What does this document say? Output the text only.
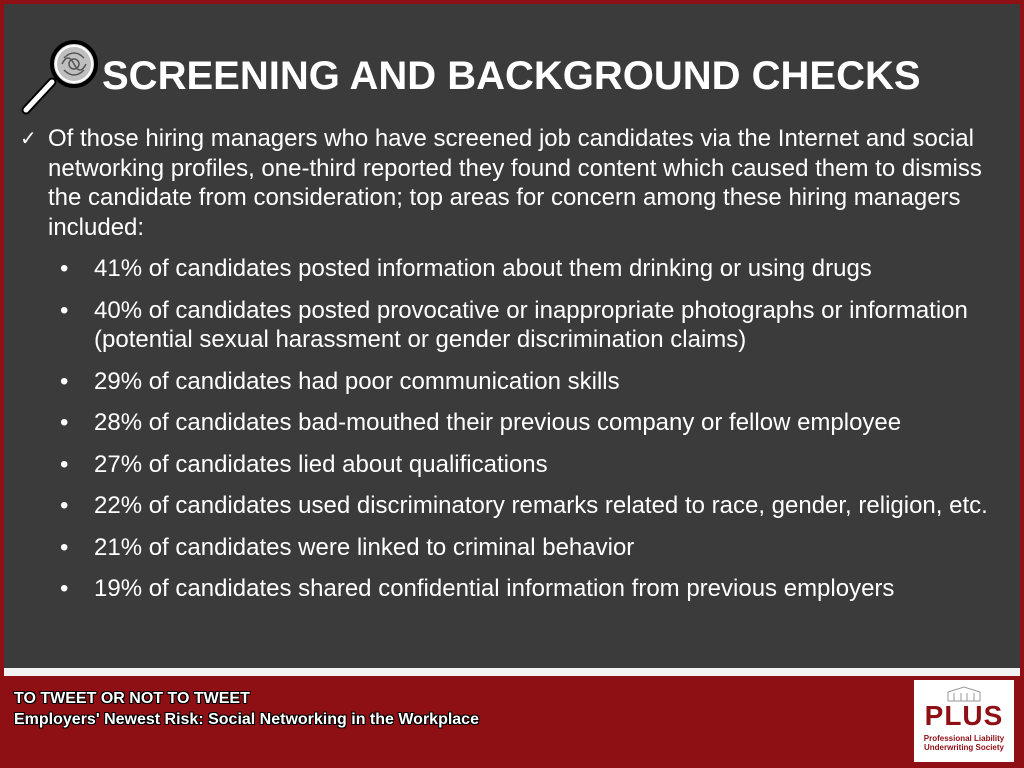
SCREENING AND BACKGROUND CHECKS
✓ Of those hiring managers who have screened job candidates via the Internet and social networking profiles, one-third reported they found content which caused them to dismiss the candidate from consideration; top areas for concern among these hiring managers included:
•	41% of candidates posted information about them drinking or using drugs
•	40% of candidates posted provocative or inappropriate photographs or information (potential sexual harassment or gender discrimination claims)
•	29% of candidates had poor communication skills
•	28% of candidates bad-mouthed their previous company or fellow employee
•	27% of candidates lied about qualifications
•	22% of candidates used discriminatory remarks related to race, gender, religion, etc.
•	21% of candidates were linked to criminal behavior
•	19% of candidates shared confidential information from previous employers
TO TWEET OR NOT TO TWEET
Employers' Newest Risk: Social Networking in the Workplace	PLUS
Professional Liability
Underwriting Society
